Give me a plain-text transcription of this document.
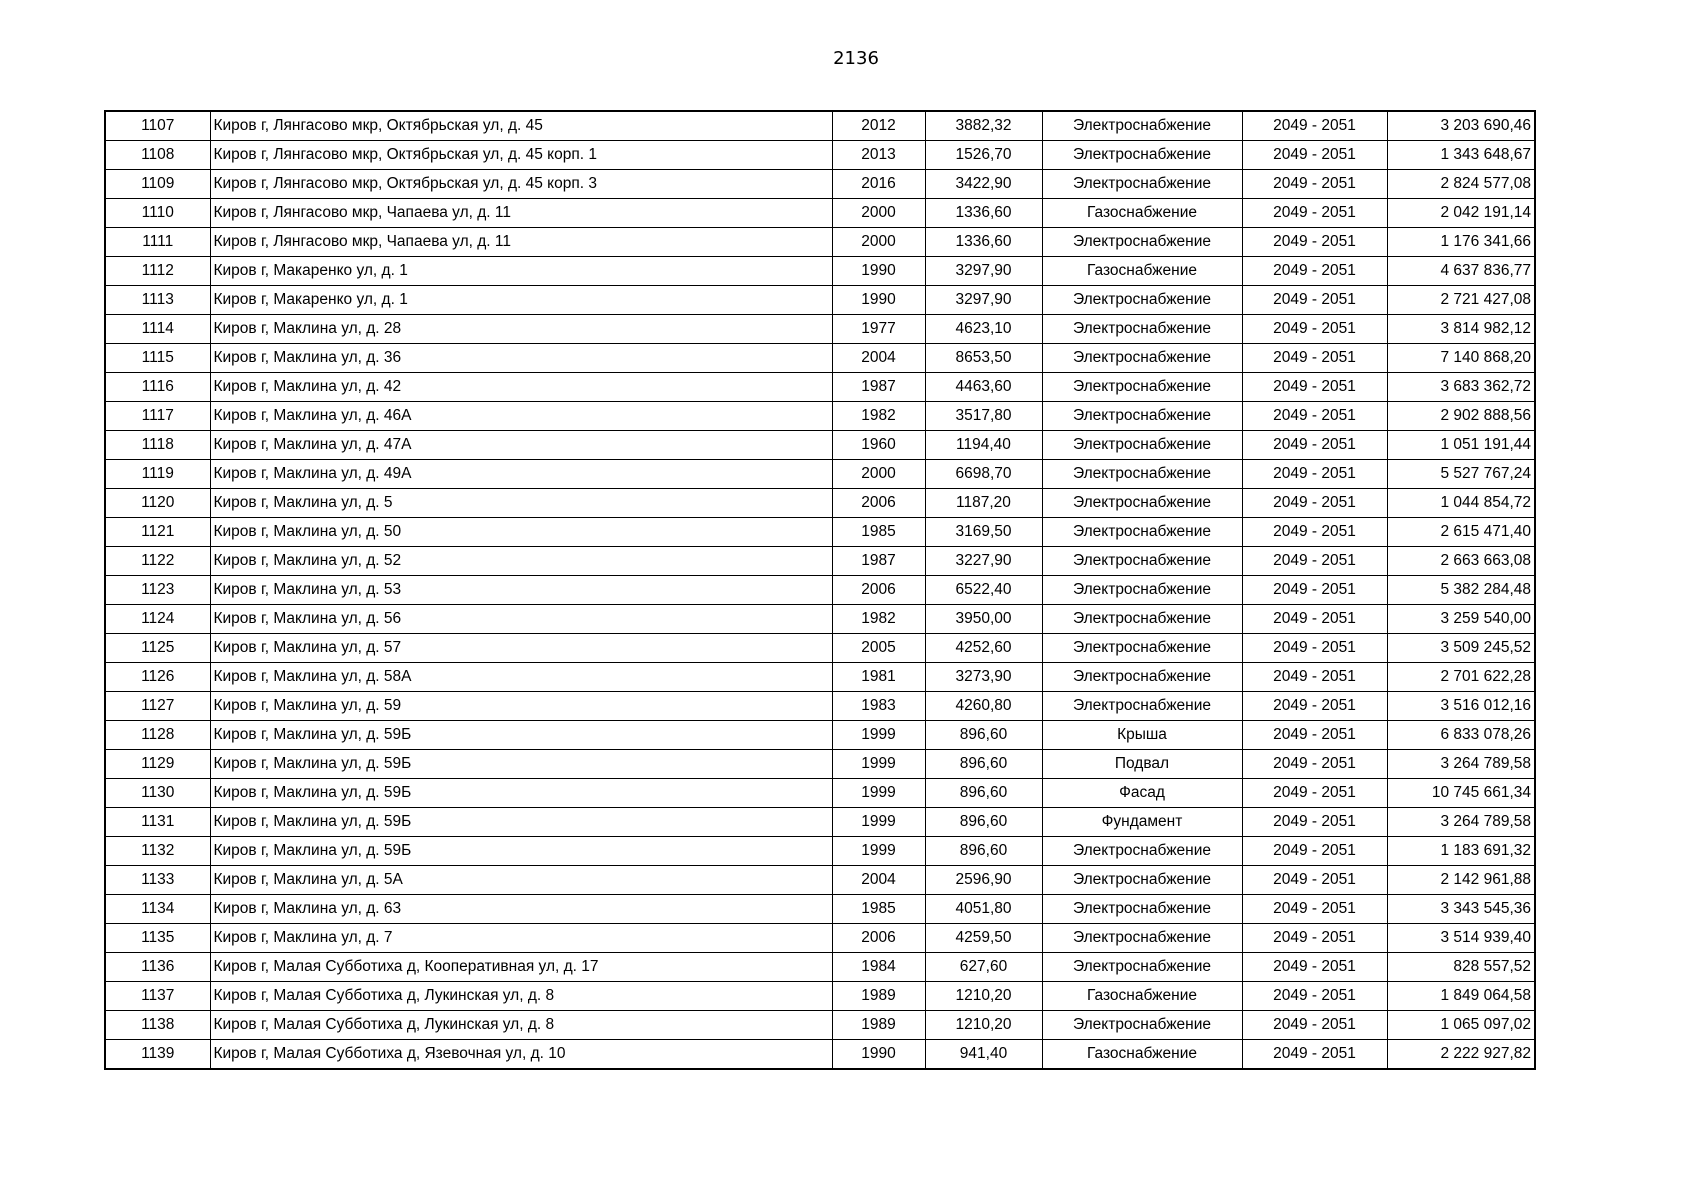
2136
1107	Киров г, Лянгасово мкр, Октябрьская ул, д. 45	2012	3882,32	Электроснабжение	2049 - 2051	3 203 690,46
1108	Киров г, Лянгасово мкр, Октябрьская ул, д. 45 корп. 1	2013	1526,70	Электроснабжение	2049 - 2051	1 343 648,67
1109	Киров г, Лянгасово мкр, Октябрьская ул, д. 45 корп. 3	2016	3422,90	Электроснабжение	2049 - 2051	2 824 577,08
1110	Киров г, Лянгасово мкр, Чапаева ул, д. 11	2000	1336,60	Газоснабжение	2049 - 2051	2 042 191,14
1111	Киров г, Лянгасово мкр, Чапаева ул, д. 11	2000	1336,60	Электроснабжение	2049 - 2051	1 176 341,66
1112	Киров г, Макаренко ул, д. 1	1990	3297,90	Газоснабжение	2049 - 2051	4 637 836,77
1113	Киров г, Макаренко ул, д. 1	1990	3297,90	Электроснабжение	2049 - 2051	2 721 427,08
1114	Киров г, Маклина ул, д. 28	1977	4623,10	Электроснабжение	2049 - 2051	3 814 982,12
1115	Киров г, Маклина ул, д. 36	2004	8653,50	Электроснабжение	2049 - 2051	7 140 868,20
1116	Киров г, Маклина ул, д. 42	1987	4463,60	Электроснабжение	2049 - 2051	3 683 362,72
1117	Киров г, Маклина ул, д. 46А	1982	3517,80	Электроснабжение	2049 - 2051	2 902 888,56
1118	Киров г, Маклина ул, д. 47А	1960	1194,40	Электроснабжение	2049 - 2051	1 051 191,44
1119	Киров г, Маклина ул, д. 49А	2000	6698,70	Электроснабжение	2049 - 2051	5 527 767,24
1120	Киров г, Маклина ул, д. 5	2006	1187,20	Электроснабжение	2049 - 2051	1 044 854,72
1121	Киров г, Маклина ул, д. 50	1985	3169,50	Электроснабжение	2049 - 2051	2 615 471,40
1122	Киров г, Маклина ул, д. 52	1987	3227,90	Электроснабжение	2049 - 2051	2 663 663,08
1123	Киров г, Маклина ул, д. 53	2006	6522,40	Электроснабжение	2049 - 2051	5 382 284,48
1124	Киров г, Маклина ул, д. 56	1982	3950,00	Электроснабжение	2049 - 2051	3 259 540,00
1125	Киров г, Маклина ул, д. 57	2005	4252,60	Электроснабжение	2049 - 2051	3 509 245,52
1126	Киров г, Маклина ул, д. 58А	1981	3273,90	Электроснабжение	2049 - 2051	2 701 622,28
1127	Киров г, Маклина ул, д. 59	1983	4260,80	Электроснабжение	2049 - 2051	3 516 012,16
1128	Киров г, Маклина ул, д. 59Б	1999	896,60	Крыша	2049 - 2051	6 833 078,26
1129	Киров г, Маклина ул, д. 59Б	1999	896,60	Подвал	2049 - 2051	3 264 789,58
1130	Киров г, Маклина ул, д. 59Б	1999	896,60	Фасад	2049 - 2051	10 745 661,34
1131	Киров г, Маклина ул, д. 59Б	1999	896,60	Фундамент	2049 - 2051	3 264 789,58
1132	Киров г, Маклина ул, д. 59Б	1999	896,60	Электроснабжение	2049 - 2051	1 183 691,32
1133	Киров г, Маклина ул, д. 5А	2004	2596,90	Электроснабжение	2049 - 2051	2 142 961,88
1134	Киров г, Маклина ул, д. 63	1985	4051,80	Электроснабжение	2049 - 2051	3 343 545,36
1135	Киров г, Маклина ул, д. 7	2006	4259,50	Электроснабжение	2049 - 2051	3 514 939,40
1136	Киров г, Малая Субботиха д, Кооперативная ул, д. 17	1984	627,60	Электроснабжение	2049 - 2051	828 557,52
1137	Киров г, Малая Субботиха д, Лукинская ул, д. 8	1989	1210,20	Газоснабжение	2049 - 2051	1 849 064,58
1138	Киров г, Малая Субботиха д, Лукинская ул, д. 8	1989	1210,20	Электроснабжение	2049 - 2051	1 065 097,02
1139	Киров г, Малая Субботиха д, Язевочная ул, д. 10	1990	941,40	Газоснабжение	2049 - 2051	2 222 927,82
